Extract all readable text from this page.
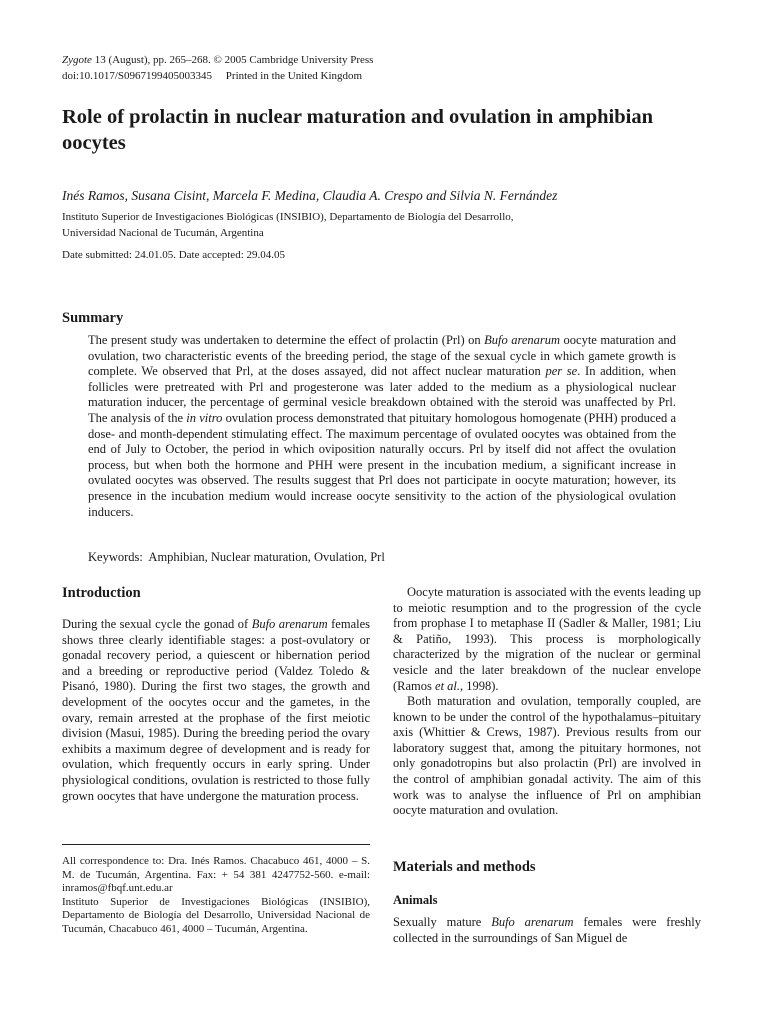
Zygote 13 (August), pp. 265–268. © 2005 Cambridge University Press
doi:10.1017/S0967199405003345     Printed in the United Kingdom
Role of prolactin in nuclear maturation and ovulation in amphibian oocytes
Inés Ramos, Susana Cisint, Marcela F. Medina, Claudia A. Crespo and Silvia N. Fernández
Instituto Superior de Investigaciones Biológicas (INSIBIO), Departamento de Biología del Desarrollo,
Universidad Nacional de Tucumán, Argentina
Date submitted: 24.01.05. Date accepted: 29.04.05
Summary
The present study was undertaken to determine the effect of prolactin (Prl) on Bufo arenarum oocyte maturation and ovulation, two characteristic events of the breeding period, the stage of the sexual cycle in which gamete growth is complete. We observed that Prl, at the doses assayed, did not affect nuclear maturation per se. In addition, when follicles were pretreated with Prl and progesterone was later added to the medium as a physiological nuclear maturation inducer, the percentage of germinal vesicle breakdown obtained with the steroid was unaffected by Prl. The analysis of the in vitro ovulation process demonstrated that pituitary homologous homogenate (PHH) produced a dose- and month-dependent stimulating effect. The maximum percentage of ovulated oocytes was obtained from the end of July to October, the period in which oviposition naturally occurs. Prl by itself did not affect the ovulation process, but when both the hormone and PHH were present in the incubation medium, a significant increase in ovulated oocytes was observed. The results suggest that Prl does not participate in oocyte maturation; however, its presence in the incubation medium would increase oocyte sensitivity to the action of the physiological ovulation inducers.
Keywords:  Amphibian, Nuclear maturation, Ovulation, Prl
Introduction
During the sexual cycle the gonad of Bufo arenarum females shows three clearly identifiable stages: a post-ovulatory or gonadal recovery period, a quiescent or hibernation period and a breeding or reproductive period (Valdez Toledo & Pisanó, 1980). During the first two stages, the growth and development of the oocytes occur and the gametes, in the ovary, remain arrested at the prophase of the first meiotic division (Masui, 1985). During the breeding period the ovary exhibits a maximum degree of development and is ready for ovulation, which frequently occurs in early spring. Under physiological conditions, ovulation is restricted to those fully grown oocytes that have undergone the maturation process.
All correspondence to: Dra. Inés Ramos. Chacabuco 461, 4000 – S. M. de Tucumán, Argentina. Fax: + 54 381 4247752-560. e-mail: inramos@fbqf.unt.edu.ar
Instituto Superior de Investigaciones Biológicas (INSIBIO), Departamento de Biología del Desarrollo, Universidad Nacional de Tucumán, Chacabuco 461, 4000 – Tucumán, Argentina.
Oocyte maturation is associated with the events leading up to meiotic resumption and to the progression of the cycle from prophase I to metaphase II (Sadler & Maller, 1981; Liu & Patiño, 1993). This process is morphologically characterized by the migration of the nuclear or germinal vesicle and the later breakdown of the nuclear envelope (Ramos et al., 1998).
Both maturation and ovulation, temporally coupled, are known to be under the control of the hypothalamus–pituitary axis (Whittier & Crews, 1987). Previous results from our laboratory suggest that, among the pituitary hormones, not only gonadotropins but also prolactin (Prl) are involved in the control of amphibian gonadal activity. The aim of this work was to analyse the influence of Prl on amphibian oocyte maturation and ovulation.
Materials and methods
Animals
Sexually mature Bufo arenarum females were freshly collected in the surroundings of San Miguel de
